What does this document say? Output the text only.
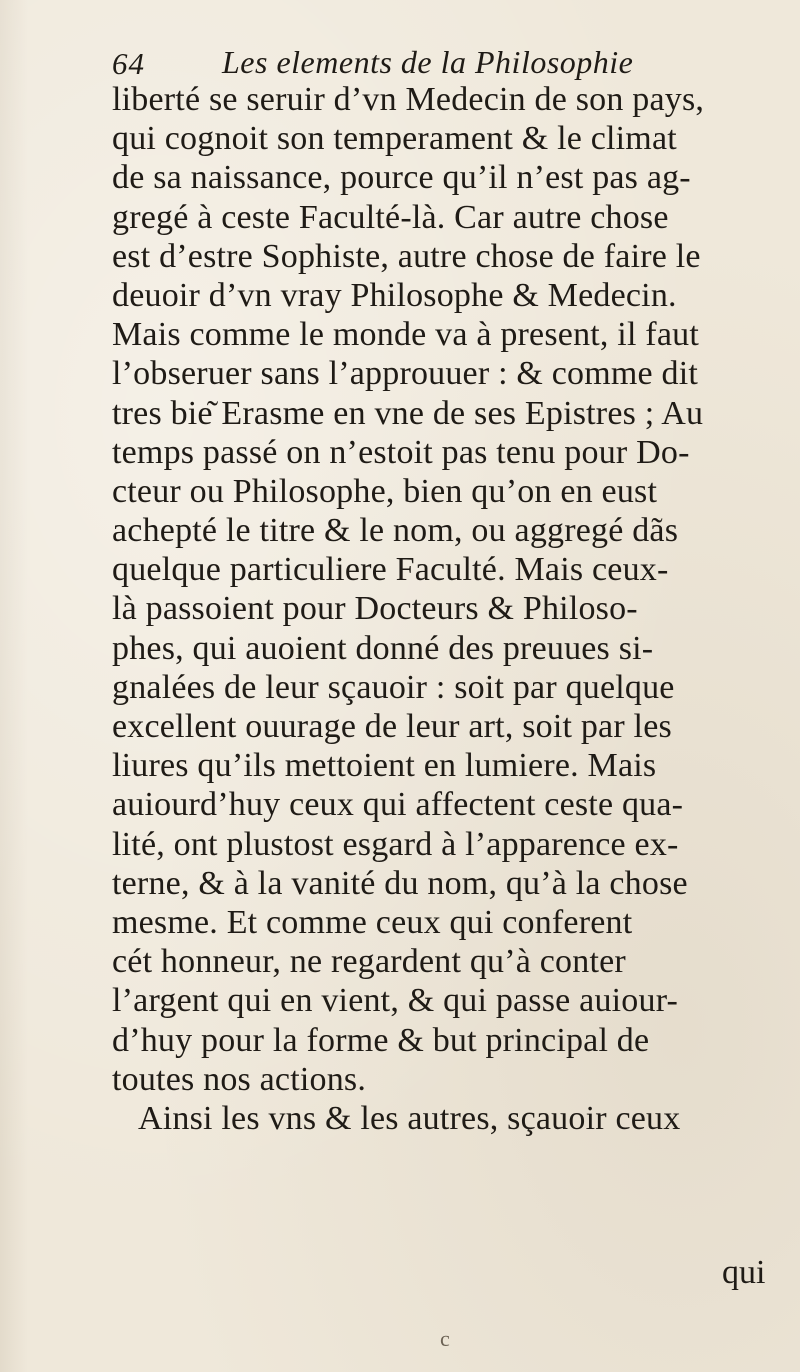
64 Les elements de la Philosophie
liberté se seruir d’vn Medecin de son pays,
qui cognoit son temperament & le climat
de sa naissance, pource qu’il n’est pas ag-
gregé à ceste Faculté-là. Car autre chose
est d’estre Sophiste, autre chose de faire le
deuoir d’vn vray Philosophe & Medecin.
Mais comme le monde va à present, il faut
l’obseruer sans l’approuuer : & comme dit
tres bie͂ Erasme en vne de ses Epistres ; Au
temps passé on n’estoit pas tenu pour Do-
cteur ou Philosophe, bien qu’on en eust
achepté le titre & le nom, ou aggregé dãs
quelque particuliere Faculté. Mais ceux-
là passoient pour Docteurs & Philoso-
phes, qui auoient donné des preuues si-
gnalées de leur sçauoir : soit par quelque
excellent ouurage de leur art, soit par les
liures qu’ils mettoient en lumiere. Mais
auiourd’huy ceux qui affectent ceste qua-
lité, ont plustost esgard à l’apparence ex-
terne, & à la vanité du nom, qu’à la chose
mesme. Et comme ceux qui conferent
cét honneur, ne regardent qu’à conter
l’argent qui en vient, & qui passe auiour-
d’huy pour la forme & but principal de
toutes nos actions.
Ainsi les vns & les autres, sçauoir ceux
qui
c
